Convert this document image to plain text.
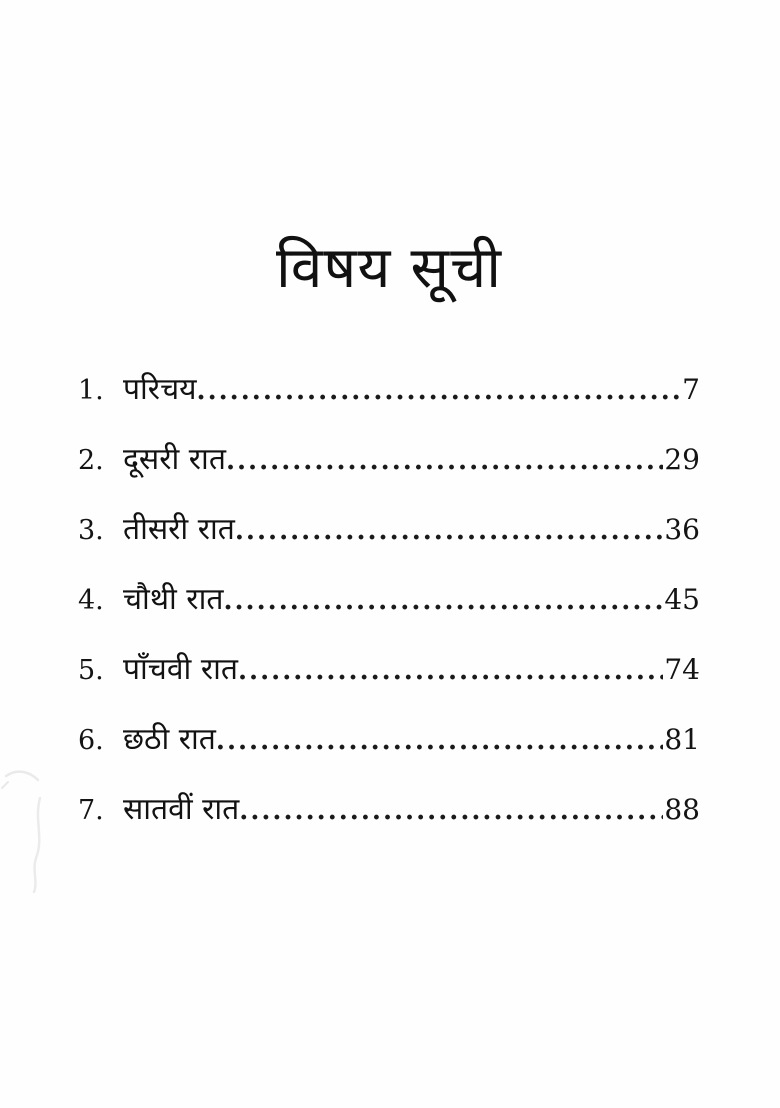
विषय सूची
1. परिचय .....	7
2. दूसरी रात .....	29
3. तीसरी रात .....	36
4. चौथी रात .....	45
5. पाँचवी रात .....	74
6. छठी रात .....	81
7. सातवीं रात .....	88
